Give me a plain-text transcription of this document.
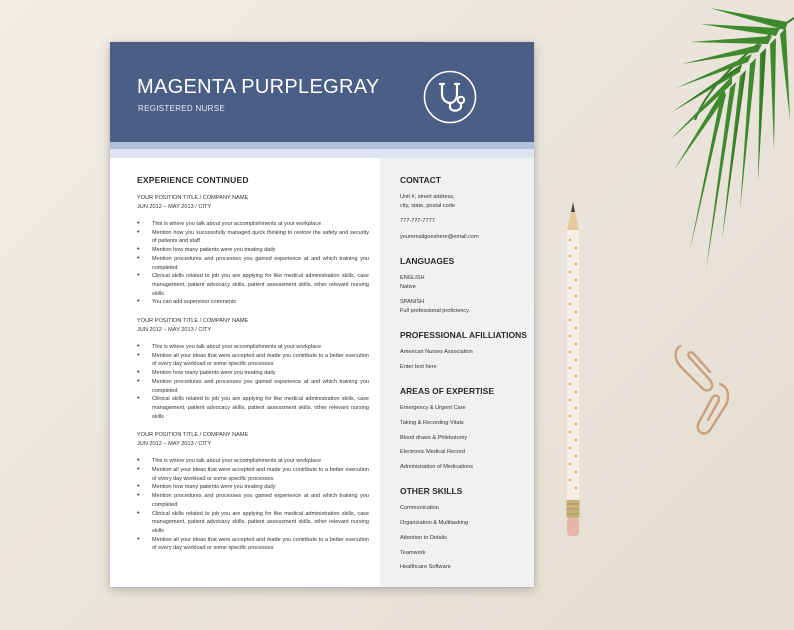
MAGENTA PURPLEGRAY
REGISTERED NURSE
EXPERIENCE CONTINUED
YOUR POSITION TITLE / COMPANY NAME
JUN 2012 – MAY 2013 / CITY
• This is where you talk about your accomplishments at your workplace
• Mention how you successfully managed quick thinking to restore the safety and security of patients and staff
• Mention how many patients were you treating daily
• Mention procedures and processes you gained experience at and which training you completed
• Clinical skills related to job you are applying for like medical administration skills, case management, patient advocacy skills, patient assessment skills, other relevant nursing skills
• You can add supervisor comments
YOUR POSITION TITLE / COMPANY NAME
JUN 2012 – MAY 2013 / CITY
• This is where you talk about your accomplishments at your workplace
• Mention all your ideas that were accepted and made you contribute to a better execution of every day workload or some specific processes
• Mention how many patients were you treating daily
• Mention procedures and processes you gained experience at and which training you completed
• Clinical skills related to job you are applying for like medical administration skills, case management, patient advocacy skills, patient assessment skills, other relevant nursing skills
YOUR POSITION TITLE / COMPANY NAME
JUN 2012 – MAY 2013 / CITY
• This is where you talk about your accomplishments at your workplace
• Mention all your ideas that were accepted and made you contribute to a better execution of every day workload or some specific processes
• Mention how many patients were you treating daily
• Mention procedures and processes you gained experience at and which training you completed
• Clinical skills related to job you are applying for like medical administration skills, case management, patient advocacy skills, patient assessment skills, other relevant nursing skills
• Mention all your ideas that were accepted and made you contribute to a better execution of every day workload or some specific processes
CONTACT
Unit #, street address,
city, state, postal code
777-777-7777
youremailgoeshere@email.com
LANGUAGES
ENGLISH
Native
SPANISH
Full professional proficiency
PROFESSIONAL AFILLIATIONS
American Nurses Association
Enter text here
AREAS OF EXPERTISE
Emergency & Urgent Care
Taking & Recording Vitals
Blood draws & Phlebotomy
Electronic Medical Record
Administration of Medications
OTHER SKILLS
Communication
Organization & Multitasking
Attention to Details
Teamwork
Healthcare Software
